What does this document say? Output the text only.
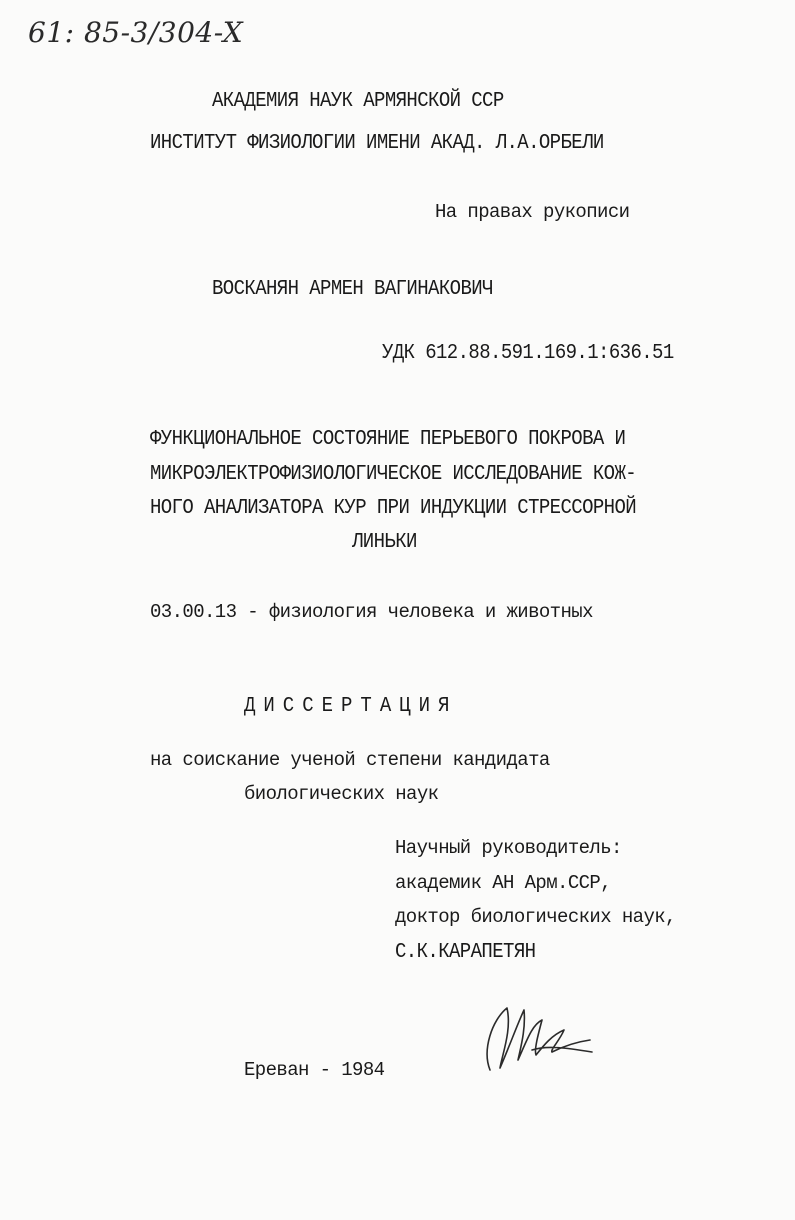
61: 85-3/304-X
АКАДЕМИЯ НАУК АРМЯНСКОЙ ССР
ИНСТИТУТ ФИЗИОЛОГИИ ИМЕНИ АКАД. Л.А.ОРБЕЛИ
На правах рукописи
ВОСКАНЯН АРМЕН ВАГИНАКОВИЧ
УДК 612.88.591.169.1:636.51
ФУНКЦИОНАЛЬНОЕ СОСТОЯНИЕ ПЕРЬЕВОГО ПОКРОВА И
МИКРОЭЛЕКТРОФИЗИОЛОГИЧЕСКОЕ ИССЛЕДОВАНИЕ КОЖ-
НОГО АНАЛИЗАТОРА КУР ПРИ ИНДУКЦИИ СТРЕССОРНОЙ
ЛИНЬКИ
03.00.13 - физиология человека и животных
ДИССЕРТАЦИЯ
на соискание ученой степени кандидата
биологических наук
Научный руководитель:
академик АН Арм.ССР,
доктор биологических наук,
С.К.КАРАПЕТЯН
Ереван - 1984
